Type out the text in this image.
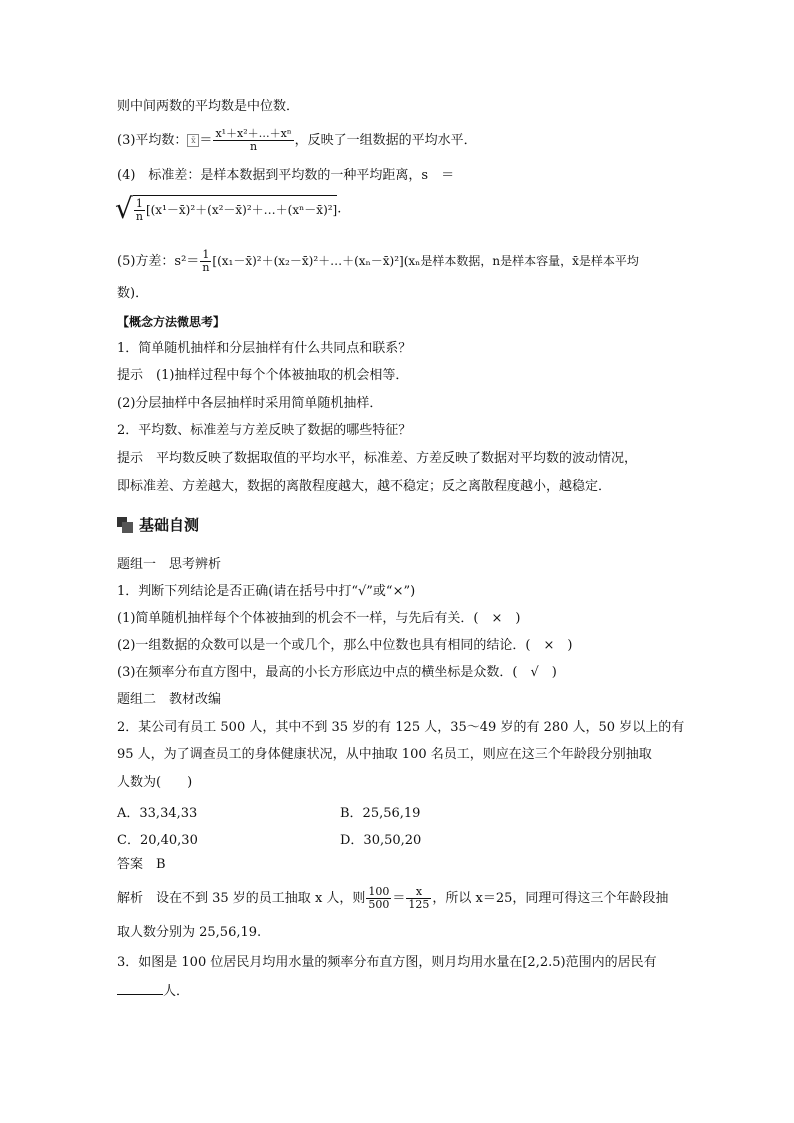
则中间两数的平均数是中位数．
(3)平均数： x̄ ＝ $\frac{\text{x¹＋x²＋…＋xⁿ}}{n}$ ，反映了一组数据的平均水平．
(4)　标准差：是样本数据到平均数的一种平均距离，s　＝
√ $\frac{1}{n}$ [(x¹－x̄)²＋(x²－x̄)²＋…＋(xⁿ－x̄)²].
(5)方差：$s^2= \frac{1}{n}$ [(x₁－x̄)²＋(x₂－x̄)²＋…＋(xₙ－x̄)²](xₙ是样本数据，n是样本容量，x̄是样本平均
数)．
【概念方法微思考】
1．简单随机抽样和分层抽样有什么共同点和联系？
提示　(1)抽样过程中每个个体被抽取的机会相等．
(2)分层抽样中各层抽样时采用简单随机抽样．
2．平均数、标准差与方差反映了数据的哪些特征？
提示　平均数反映了数据取值的平均水平，标准差、方差反映了数据对平均数的波动情况，
即标准差、方差越大，数据的离散程度越大，越不稳定；反之离散程度越小，越稳定．
基础自测
题组一　思考辨析
1．判断下列结论是否正确(请在括号中打“√”或“×”)
(1)简单随机抽样每个个体被抽到的机会不一样，与先后有关．(　×　)
(2)一组数据的众数可以是一个或几个，那么中位数也具有相同的结论．(　×　)
(3)在频率分布直方图中，最高的小长方形底边中点的横坐标是众数．(　√　)
题组二　教材改编
2．某公司有员工 500 人，其中不到 35 岁的有 125 人，35～49 岁的有 280 人，50 岁以上的有
95 人，为了调查员工的身体健康状况，从中抽取 100 名员工，则应在这三个年龄段分别抽取
人数为(　　)
A．33,34,33	B．25,56,19
C．20,40,30	D．30,50,20
答案　B
解析　设在不到 35 岁的员工抽取 x 人，则 $\frac{100}{500} = \frac{x}{125}$ ，所以 x＝25，同理可得这三个年龄段抽
取人数分别为 25,56,19.
3．如图是 100 位居民月均用水量的频率分布直方图，则月均用水量在[2,2.5)范围内的居民有
人．
